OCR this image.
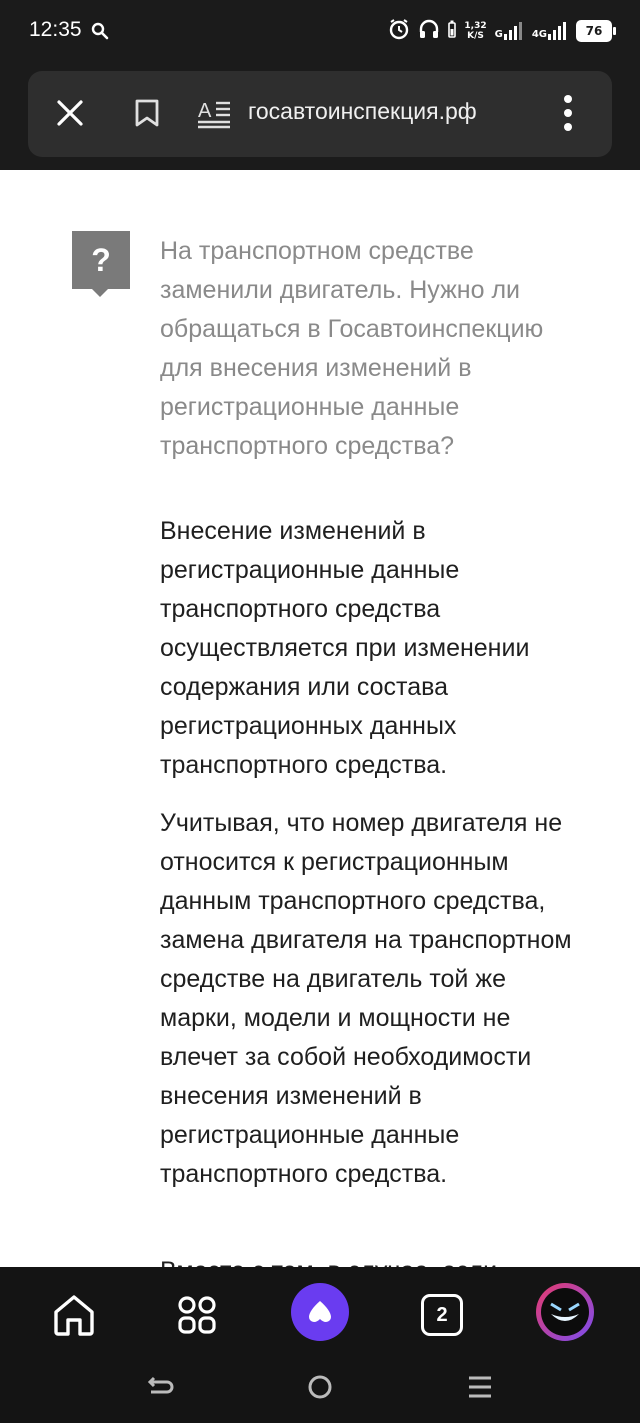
12:35	1,32
K/S G	4G	76
A госавтоинспекция.рф
?	На транспортном средстве заменили двигатель. Нужно ли обращаться в Госавтоинспекцию для внесения изменений в регистрационные данные транспортного средства?

Внесение изменений в регистрационные данные транспортного средства осуществляется при изменении содержания или состава регистрационных данных транспортного средства.

Учитывая, что номер двигателя не относится к регистрационным данным транспортного средства, замена двигателя на транспортном средстве на двигатель той же марки, модели и мощности не влечет за собой необходимости внесения изменений в регистрационные данные транспортного средства.

2
